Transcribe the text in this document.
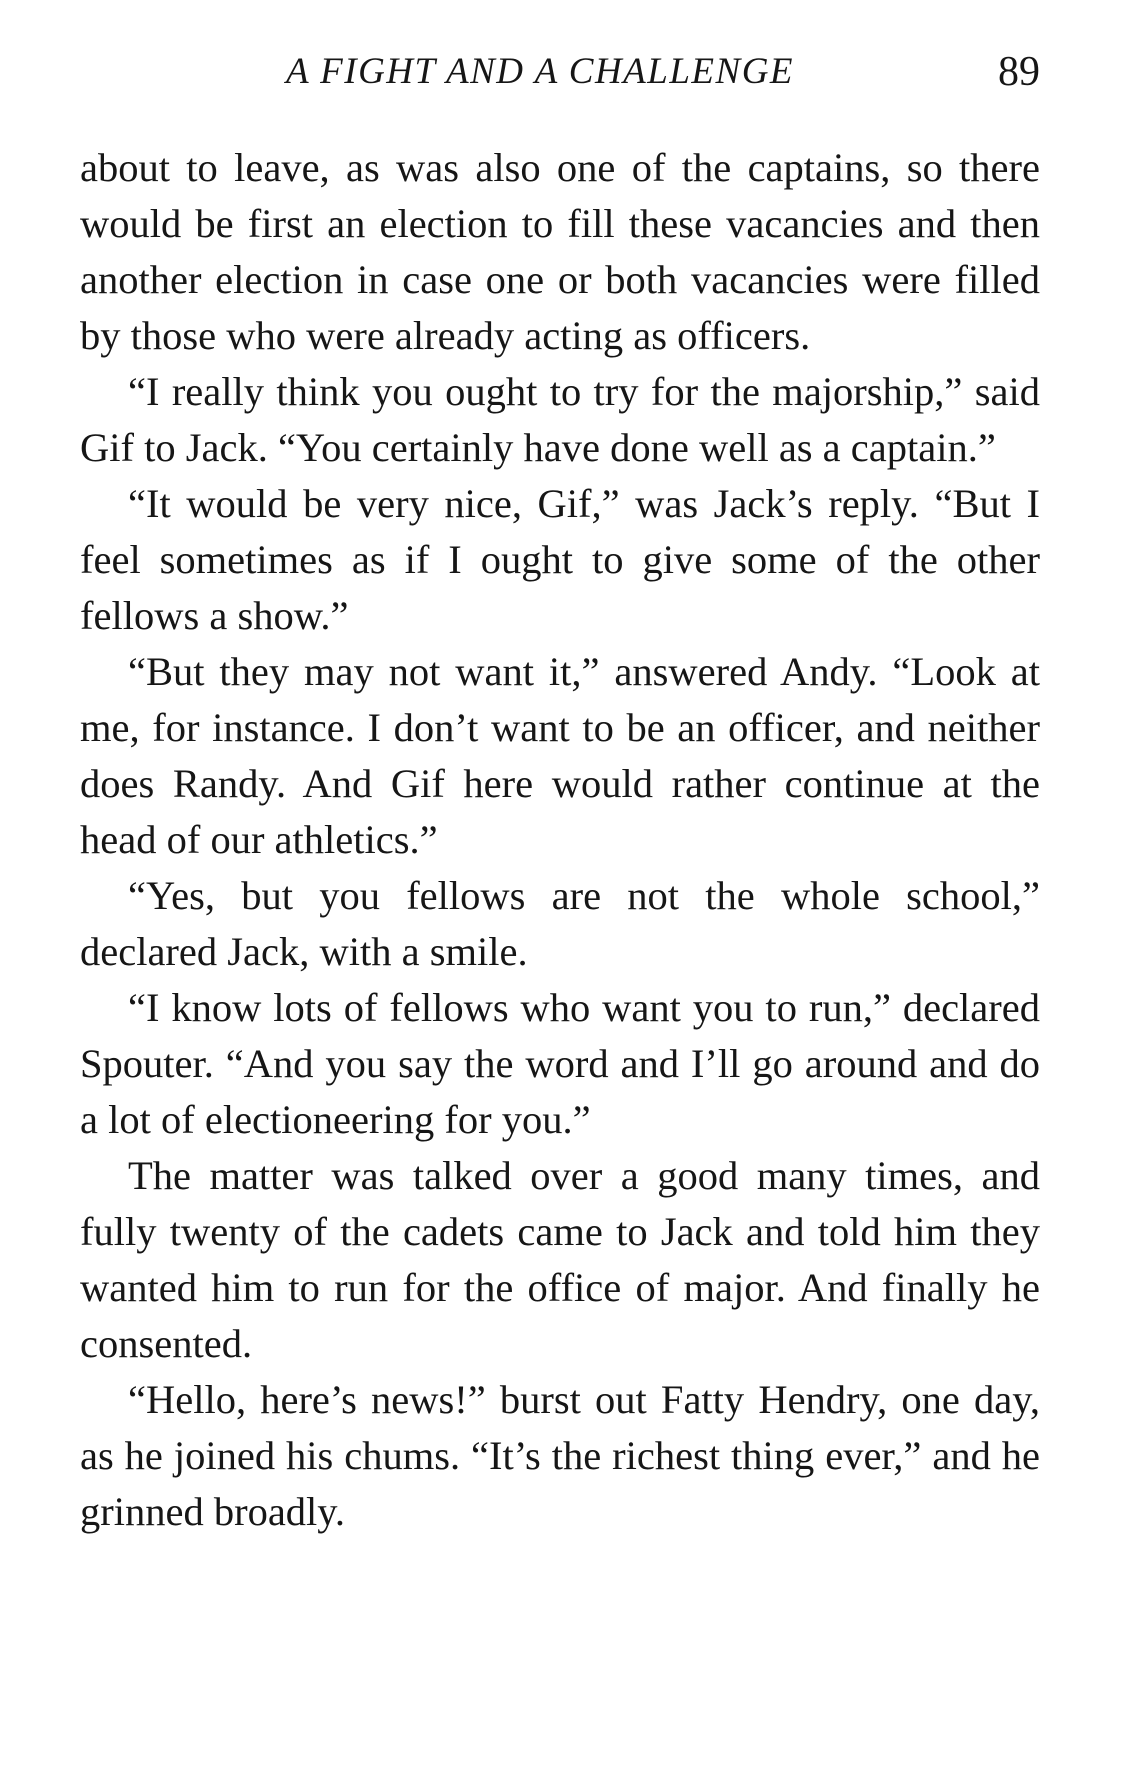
A FIGHT AND A CHALLENGE	89

about to leave, as was also one of the captains, so there would be first an election to fill these vacancies and then another election in case one or both vacancies were filled by those who were already acting as officers.

“I really think you ought to try for the majorship,” said Gif to Jack. “You certainly have done well as a captain.”

“It would be very nice, Gif,” was Jack’s reply. “But I feel sometimes as if I ought to give some of the other fellows a show.”

“But they may not want it,” answered Andy. “Look at me, for instance. I don’t want to be an officer, and neither does Randy. And Gif here would rather continue at the head of our athletics.”

“Yes, but you fellows are not the whole school,” declared Jack, with a smile.

“I know lots of fellows who want you to run,” declared Spouter. “And you say the word and I’ll go around and do a lot of electioneering for you.”

The matter was talked over a good many times, and fully twenty of the cadets came to Jack and told him they wanted him to run for the office of major. And finally he consented.

“Hello, here’s news!” burst out Fatty Hendry, one day, as he joined his chums. “It’s the richest thing ever,” and he grinned broadly.
